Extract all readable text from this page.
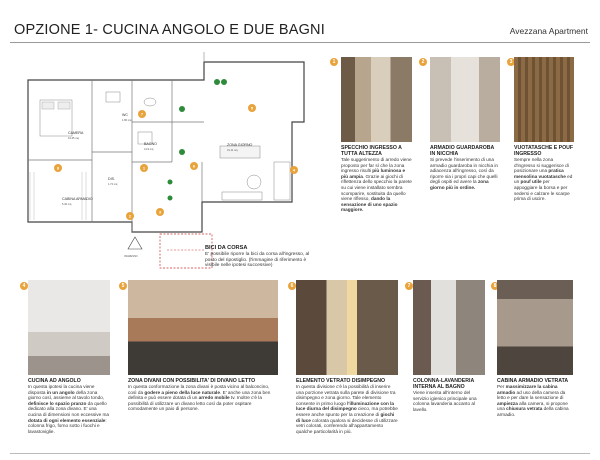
OPZIONE 1- CUCINA ANGOLO E DUE BAGNI	Avezzana Apartment
CAMERA
16.45 mq
BAGNO
4.19 mq
WC
1.80 mq
ZONA GIORNO
31.11 mq
CABINA ARMADIO
5.40 mq
DIS.
1.72 mq
INGRESSO
1
2
3
4
5
6
7
8
BICI DA CORSA
E' possibile riporre la bici da corsa all'ingresso, al posto del ripostiglio. (l'immagine di riferimento è visibile nelle ipotesi successive)
1
SPECCHIO INGRESSO A TUTTA ALTEZZA
Tale suggerimento di arredo viene proposto per far sì che la zona ingresso risulti più luminosa e più ampia. Grazie ai giochi di riflettenza dello specchio la parete su cui viene installato sembra scomparire, sostituita da quello viene riflesso, dando la sensazione di uno spazio maggiore.
2
ARMADIO GUARDAROBA IN NICCHIA
Si prevede l'inserimento di una armadio guardaroba in nicchia in adiacenza all'ingresso, così da riporre sia i propri capi che quelli degli ospiti ed avere la zona giorno più in ordine.
3
VUOTATASCHE E POUF INGRESSO
Sempre nella zona d'ingresso si suggerisce di posizionare una pratica mensolina vuotatasche ed un pouf utile per appoggiare la borsa e per sedersi e calzare le scarpe prima di uscire.
4
CUCINA AD ANGOLO
In questa ipotesi la cucina viene disposta in un angolo della zona giorno così, assieme al tavolo tondo, definisce lo spazio pranzo da quello dedicato alla zona divano. E' una cucina di dimensioni non eccessive ma dotata di ogni elemento essenziale: colonna frigo, forno sotto i fuochi e lavastoviglie.
5
ZONA DIVANI CON POSSIBILITA' DI DIVANO LETTO
In questa conformazione la zona divani è posta vicino al balconcino, così da godere a pieno della luce naturale. E' anche una zona ben definita e può essere dotata di un arredo mobile tv. Inoltre c'è la possibilità di utilizzare un divano letto così da poter ospitare comodamente un paio di persone.
6
ELEMENTO VETRATO DISIMPEGNO
In questa divisione c'è la possibilità di inserire una porzione vetrata sulla parete di divisione tra disimpegno e zona giorno. Tale elemento consente in primo luogo l'illuminazione con la luce diurna del disimpegno cieco, ma potrebbe essere anche spunto per la creazione di giochi di luce colorata qualora si decidesse di utilizzare vetri colorati, conferendo all'appartamento qualche particolarità in più.
7
COLONNA-LAVANDERIA INTERNA AL BAGNO
Viene inserita all'interno del servizio igienico principale una colonna lavanderia accanto al lavello.
8
CABINA ARMADIO VETRATA
Per massimizzare la cabina armadio ad uso della camera da letto e per dare la sensazione di ampiezza alla camera, si propone una chiusura vetrata della cabina armadio.
